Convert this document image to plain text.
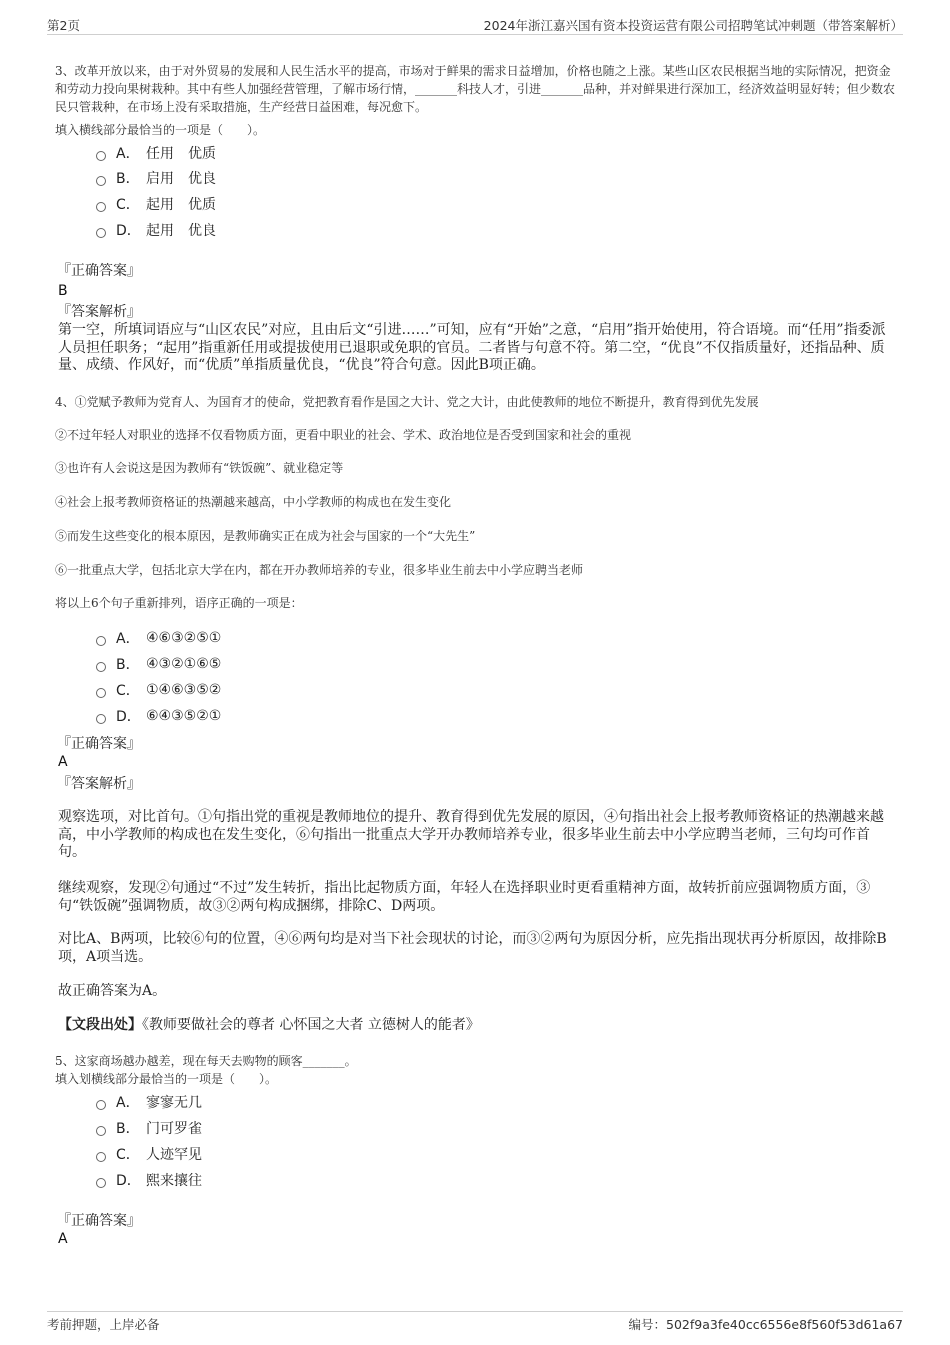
第2页	2024年浙江嘉兴国有资本投资运营有限公司招聘笔试冲刺题（带答案解析）
3、改革开放以来，由于对外贸易的发展和人民生活水平的提高，市场对于鲜果的需求日益增加，价格也随之上涨。某些山区农民根据当地的实际情况，把资金和劳动力投向果树栽种。其中有些人加强经营管理，了解市场行情，_______科技人才，引进_______品种，并对鲜果进行深加工，经济效益明显好转；但少数农民只管栽种，在市场上没有采取措施，生产经营日益困难，每况愈下。
填入横线部分最恰当的一项是（　　）。
A． 任用　优质
B． 启用　优良
C． 起用　优质
D． 起用　优良
『正确答案』
B
『答案解析』
第一空，所填词语应与“山区农民”对应，且由后文“引进……”可知，应有“开始”之意，“启用”指开始使用，符合语境。而“任用”指委派人员担任职务；“起用”指重新任用或提拔使用已退职或免职的官员。二者皆与句意不符。第二空，“优良”不仅指质量好，还指品种、质量、成绩、作风好，而“优质”单指质量优良，“优良”符合句意。因此B项正确。
4、①党赋予教师为党育人、为国育才的使命，党把教育看作是国之大计、党之大计，由此使教师的地位不断提升，教育得到优先发展
②不过年轻人对职业的选择不仅看物质方面，更看中职业的社会、学术、政治地位是否受到国家和社会的重视
③也许有人会说这是因为教师有“铁饭碗”、就业稳定等
④社会上报考教师资格证的热潮越来越高，中小学教师的构成也在发生变化
⑤而发生这些变化的根本原因，是教师确实正在成为社会与国家的一个“大先生”
⑥一批重点大学，包括北京大学在内，都在开办教师培养的专业，很多毕业生前去中小学应聘当老师
将以上6个句子重新排列，语序正确的一项是：
A． ④⑥③②⑤①
B． ④③②①⑥⑤
C． ①④⑥③⑤②
D． ⑥④③⑤②①
『正确答案』
A
『答案解析』
观察选项，对比首句。①句指出党的重视是教师地位的提升、教育得到优先发展的原因，④句指出社会上报考教师资格证的热潮越来越高，中小学教师的构成也在发生变化，⑥句指出一批重点大学开办教师培养专业，很多毕业生前去中小学应聘当老师，三句均可作首句。
继续观察，发现②句通过“不过”发生转折，指出比起物质方面，年轻人在选择职业时更看重精神方面，故转折前应强调物质方面，③句“铁饭碗”强调物质，故③②两句构成捆绑，排除C、D两项。
对比A、B两项，比较⑥句的位置，④⑥两句均是对当下社会现状的讨论，而③②两句为原因分析，应先指出现状再分析原因，故排除B项，A项当选。
故正确答案为A。
【文段出处】《教师要做社会的尊者 心怀国之大者 立德树人的能者》
5、这家商场越办越差，现在每天去购物的顾客_______。
填入划横线部分最恰当的一项是（　　）。
A． 寥寥无几
B． 门可罗雀
C． 人迹罕见
D． 熙来攘往
『正确答案』
A
考前押题，上岸必备	编号：502f9a3fe40cc6556e8f560f53d61a67
